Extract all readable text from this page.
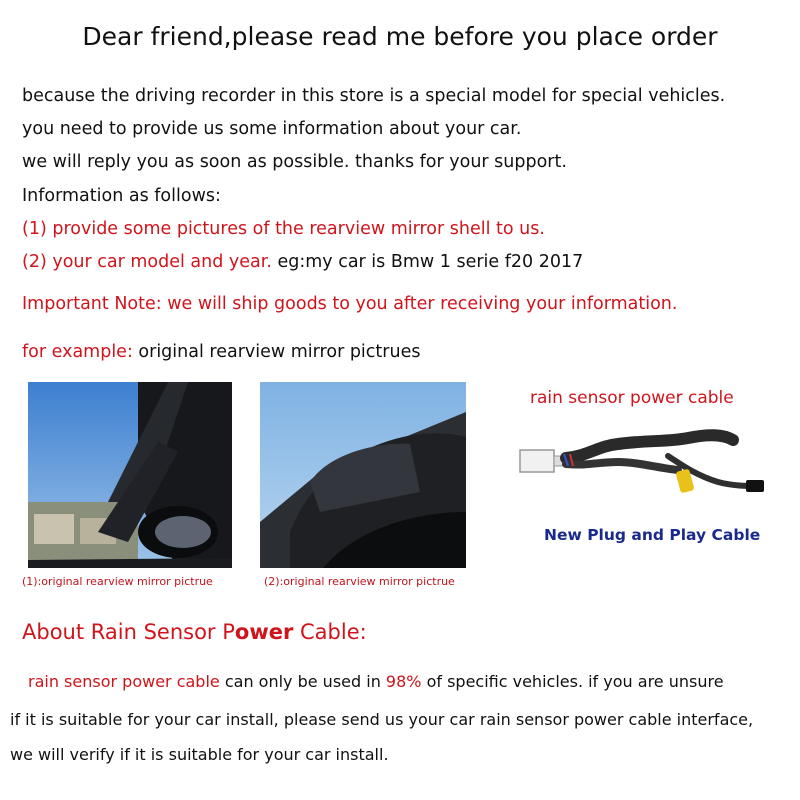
Dear friend,please read me before you place order
because the driving recorder in this store is a special model for special vehicles.
you need to provide us some information about your car.
we will reply you as soon as possible. thanks for your support.
Information as follows:
(1) provide some pictures of the rearview mirror shell to us.
(2) your car model and year. eg:my car is Bmw 1 serie f20 2017
Important Note: we will ship goods to you after receiving your information.
for example: original rearview mirror pictrues
(1):original rearview mirror pictrue	(2):original rearview mirror pictrue
rain sensor power cable
New Plug and Play Cable
About Rain Sensor Power Cable:
rain sensor power cable can only be used in 98% of specific vehicles. if you are unsure
if it is suitable for your car install, please send us your car rain sensor power cable interface,
we will verify if it is suitable for your car install.
